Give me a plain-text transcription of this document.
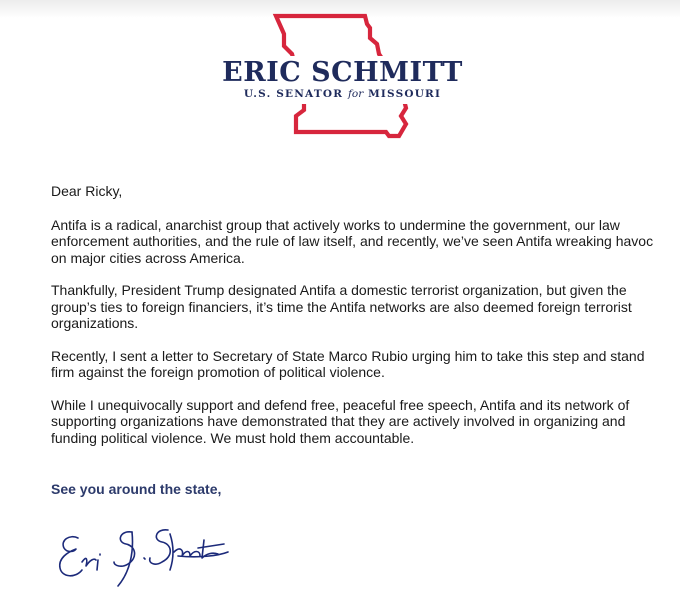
ERIC SCHMITT
U.S. SENATOR for MISSOURI

Dear Ricky,

Antifa is a radical, anarchist group that actively works to undermine the government, our law enforcement authorities, and the rule of law itself, and recently, we’ve seen Antifa wreaking havoc on major cities across America.

Thankfully, President Trump designated Antifa a domestic terrorist organization, but given the group’s ties to foreign financiers, it’s time the Antifa networks are also deemed foreign terrorist organizations.

Recently, I sent a letter to Secretary of State Marco Rubio urging him to take this step and stand firm against the foreign promotion of political violence.

While I unequivocally support and defend free, peaceful free speech, Antifa and its network of supporting organizations have demonstrated that they are actively involved in organizing and funding political violence. We must hold them accountable.

See you around the state,
